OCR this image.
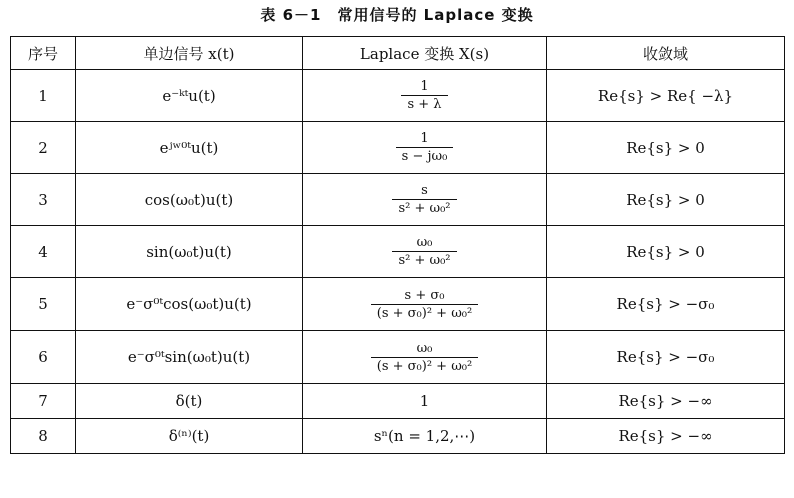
表 6－1　常用信号的 Laplace 变换
序号	单边信号 x(t)	Laplace 变换 X(s)	收敛域
1	e⁻ᵏᵗu(t)	$\frac{1}{s + \lambda}$	Re{s} > Re{ −λ}
2	eʲʷ⁰ᵗu(t)	$\frac{1}{\text{s − jω₀}}$	Re{s} > 0
3	cos(ω₀t)u(t)	$\frac{s}{\text{s² + ω₀²}}$	Re{s} > 0
4	sin(ω₀t)u(t)	$\frac{\text{ω₀}}{\text{s² + ω₀²}}$	Re{s} > 0
5	e⁻σ⁰ᵗcos(ω₀t)u(t)	$\frac{\text{s + σ₀}}{\text{(s + σ₀)² + ω₀²}}$	Re{s} > −σ₀
6	e⁻σ⁰ᵗsin(ω₀t)u(t)	$\frac{\text{ω₀}}{\text{(s + σ₀)² + ω₀²}}$	Re{s} > −σ₀
7	δ(t)	1	Re{s} > −∞
8	δ⁽ⁿ⁾(t)	sⁿ(n = 1,2,⋯)	Re{s} > −∞
